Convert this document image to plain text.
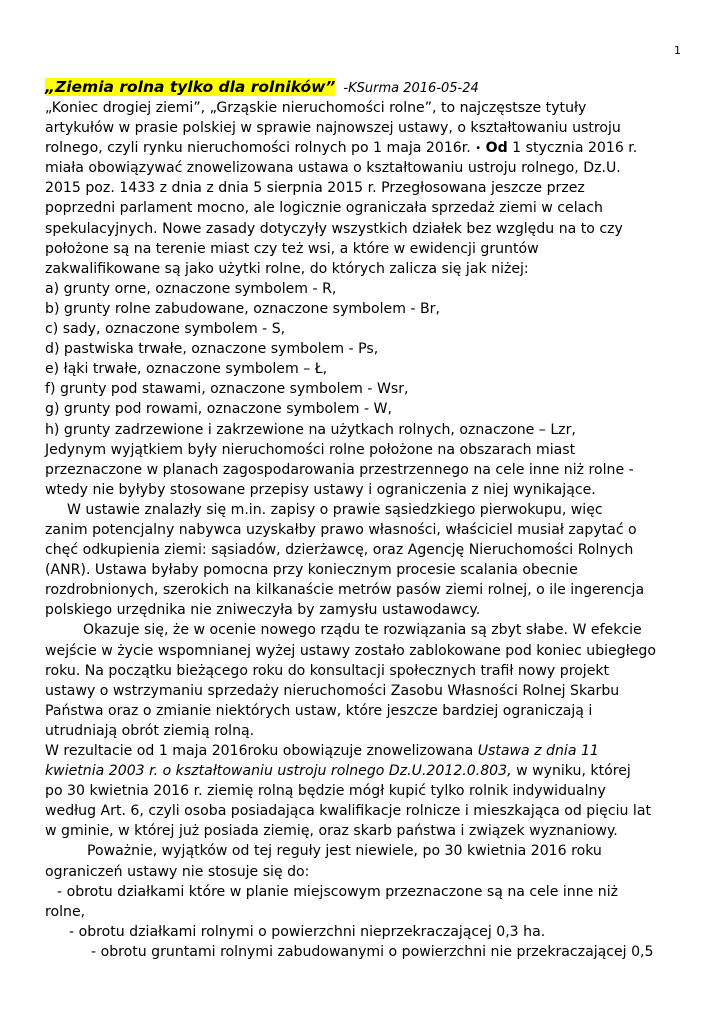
1
„Ziemia rolna tylko dla rolników” -KSurma 2016-05-24
„Koniec drogiej ziemi”, „Grząskie nieruchomości rolne”, to najczęstsze tytuły
artykułów w prasie polskiej w sprawie najnowszej ustawy, o kształtowaniu ustroju
rolnego, czyli rynku nieruchomości rolnych po 1 maja 2016r. • Od 1 stycznia 2016 r.
miała obowiązywać znowelizowana ustawa o kształtowaniu ustroju rolnego, Dz.U.
2015 poz. 1433 z dnia z dnia 5 sierpnia 2015 r. Przegłosowana jeszcze przez
poprzedni parlament mocno, ale logicznie ograniczała sprzedaż ziemi w celach
spekulacyjnych. Nowe zasady dotyczyły wszystkich działek bez względu na to czy
położone są na terenie miast czy też wsi, a które w ewidencji gruntów
zakwalifikowane są jako użytki rolne, do których zalicza się jak niżej:
a) grunty orne, oznaczone symbolem - R,
b) grunty rolne zabudowane, oznaczone symbolem - Br,
c) sady, oznaczone symbolem - S,
d) pastwiska trwałe, oznaczone symbolem - Ps,
e) łąki trwałe, oznaczone symbolem – Ł,
f) grunty pod stawami, oznaczone symbolem - Wsr,
g) grunty pod rowami, oznaczone symbolem - W,
h) grunty zadrzewione i zakrzewione na użytkach rolnych, oznaczone – Lzr,
Jedynym wyjątkiem były nieruchomości rolne położone na obszarach miast
przeznaczone w planach zagospodarowania przestrzennego na cele inne niż rolne -
wtedy nie byłyby stosowane przepisy ustawy i ograniczenia z niej wynikające.
W ustawie znalazły się m.in. zapisy o prawie sąsiedzkiego pierwokupu, więc
zanim potencjalny nabywca uzyskałby prawo własności, właściciel musiał zapytać o
chęć odkupienia ziemi: sąsiadów, dzierżawcę, oraz Agencję Nieruchomości Rolnych
(ANR). Ustawa byłaby pomocna przy koniecznym procesie scalania obecnie
rozdrobnionych, szerokich na kilkanaście metrów pasów ziemi rolnej, o ile ingerencja
polskiego urzędnika nie zniweczyła by zamysłu ustawodawcy.
Okazuje się, że w ocenie nowego rządu te rozwiązania są zbyt słabe. W efekcie
wejście w życie wspomnianej wyżej ustawy zostało zablokowane pod koniec ubiegłego
roku. Na początku bieżącego roku do konsultacji społecznych trafił nowy projekt
ustawy o wstrzymaniu sprzedaży nieruchomości Zasobu Własności Rolnej Skarbu
Państwa oraz o zmianie niektórych ustaw, które jeszcze bardziej ograniczają i
utrudniają obrót ziemią rolną.
W rezultacie od 1 maja 2016roku obowiązuje znowelizowana Ustawa z dnia 11
kwietnia 2003 r. o kształtowaniu ustroju rolnego Dz.U.2012.0.803, w wyniku, której
po 30 kwietnia 2016 r. ziemię rolną będzie mógł kupić tylko rolnik indywidualny
według Art. 6, czyli osoba posiadająca kwalifikacje rolnicze i mieszkająca od pięciu lat
w gminie, w której już posiada ziemię, oraz skarb państwa i związek wyznaniowy.
Poważnie, wyjątków od tej reguły jest niewiele, po 30 kwietnia 2016 roku
ograniczeń ustawy nie stosuje się do:
- obrotu działkami które w planie miejscowym przeznaczone są na cele inne niż
rolne,
- obrotu działkami rolnymi o powierzchni nieprzekraczającej 0,3 ha.
- obrotu gruntami rolnymi zabudowanymi o powierzchni nie przekraczającej 0,5
